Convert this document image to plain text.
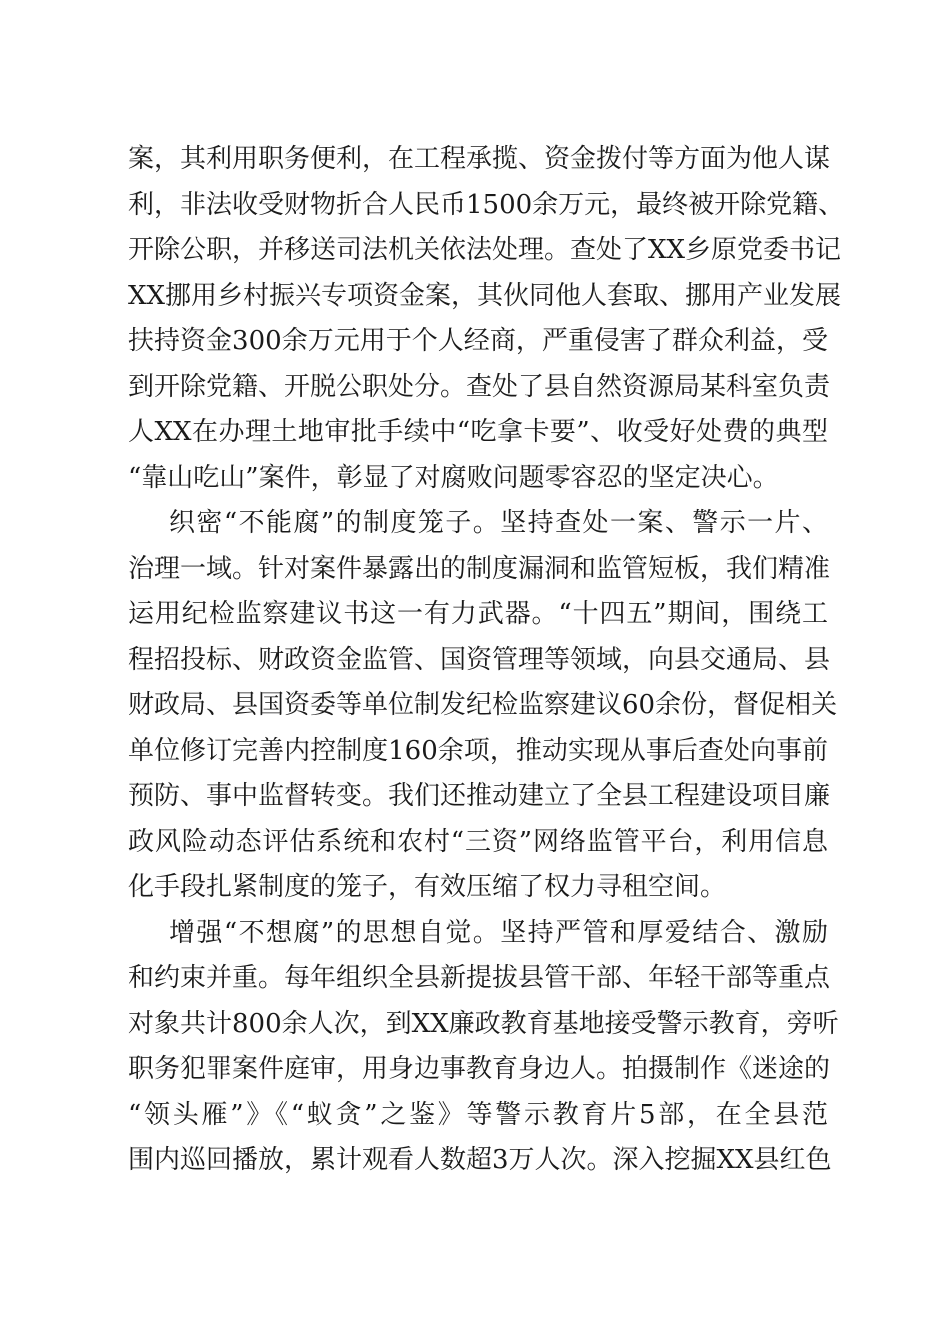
案，其利用职务便利，在工程承揽、资金拨付等方面为他人谋
利，非法收受财物折合人民币1500余万元，最终被开除党籍、
开除公职，并移送司法机关依法处理。查处了XX乡原党委书记
XX挪用乡村振兴专项资金案，其伙同他人套取、挪用产业发展
扶持资金300余万元用于个人经商，严重侵害了群众利益，受
到开除党籍、开脱公职处分。查处了县自然资源局某科室负责
人XX在办理土地审批手续中“吃拿卡要”、收受好处费的典型
“靠山吃山”案件，彰显了对腐败问题零容忍的坚定决心。
织密“不能腐”的制度笼子。坚持查处一案、警示一片、
治理一域。针对案件暴露出的制度漏洞和监管短板，我们精准
运用纪检监察建议书这一有力武器。“十四五”期间，围绕工
程招投标、财政资金监管、国资管理等领域，向县交通局、县
财政局、县国资委等单位制发纪检监察建议60余份，督促相关
单位修订完善内控制度160余项，推动实现从事后查处向事前
预防、事中监督转变。我们还推动建立了全县工程建设项目廉
政风险动态评估系统和农村“三资”网络监管平台，利用信息
化手段扎紧制度的笼子，有效压缩了权力寻租空间。
增强“不想腐”的思想自觉。坚持严管和厚爱结合、激励
和约束并重。每年组织全县新提拔县管干部、年轻干部等重点
对象共计800余人次，到XX廉政教育基地接受警示教育，旁听
职务犯罪案件庭审，用身边事教育身边人。拍摄制作《迷途的
“领头雁”》《“蚁贪”之鉴》等警示教育片5部，在全县范
围内巡回播放，累计观看人数超3万人次。深入挖掘XX县红色
